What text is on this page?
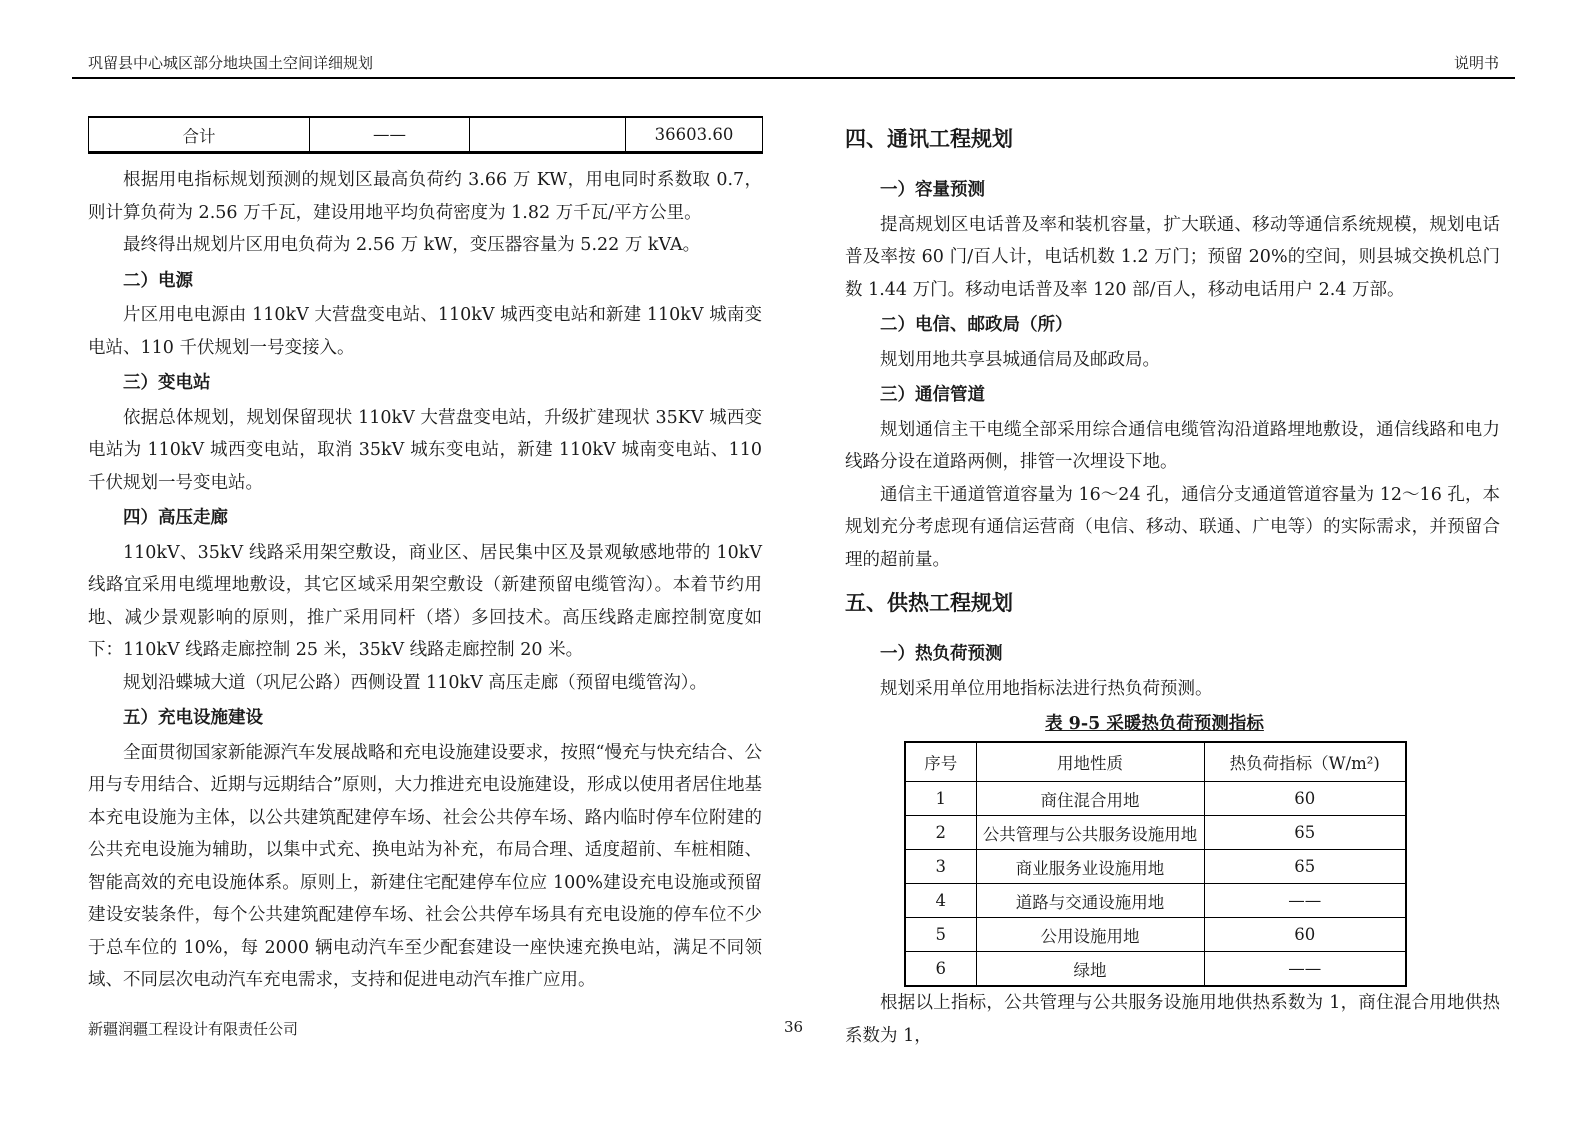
巩留县中心城区部分地块国土空间详细规划	说明书
合计	——		36603.60

根据用电指标规划预测的规划区最高负荷约 3.66 万 KW，用电同时系数取 0.7，则计算负荷为 2.56 万千瓦，建设用地平均负荷密度为 1.82 万千瓦/平方公里。

最终得出规划片区用电负荷为 2.56 万 kW，变压器容量为 5.22 万 kVA。

二）电源

片区用电电源由 110kV 大营盘变电站、110kV 城西变电站和新建 110kV 城南变电站、110 千伏规划一号变接入。

三）变电站

依据总体规划，规划保留现状 110kV 大营盘变电站，升级扩建现状 35KV 城西变电站为 110kV 城西变电站，取消 35kV 城东变电站，新建 110kV 城南变电站、110 千伏规划一号变电站。

四）高压走廊

110kV、35kV 线路采用架空敷设，商业区、居民集中区及景观敏感地带的 10kV 线路宜采用电缆埋地敷设，其它区域采用架空敷设（新建预留电缆管沟）。本着节约用地、减少景观影响的原则，推广采用同杆（塔）多回技术。高压线路走廊控制宽度如下：110kV 线路走廊控制 25 米，35kV 线路走廊控制 20 米。

规划沿蝶城大道（巩尼公路）西侧设置 110kV 高压走廊（预留电缆管沟）。

五）充电设施建设

全面贯彻国家新能源汽车发展战略和充电设施建设要求，按照“慢充与快充结合、公用与专用结合、近期与远期结合”原则，大力推进充电设施建设，形成以使用者居住地基本充电设施为主体，以公共建筑配建停车场、社会公共停车场、路内临时停车位附建的公共充电设施为辅助，以集中式充、换电站为补充，布局合理、适度超前、车桩相随、智能高效的充电设施体系。原则上，新建住宅配建停车位应 100%建设充电设施或预留建设安装条件，每个公共建筑配建停车场、社会公共停车场具有充电设施的停车位不少于总车位的 10%，每 2000 辆电动汽车至少配套建设一座快速充换电站，满足不同领域、不同层次电动汽车充电需求，支持和促进电动汽车推广应用。

四、通讯工程规划
一）容量预测

提高规划区电话普及率和装机容量，扩大联通、移动等通信系统规模，规划电话普及率按 60 门/百人计，电话机数 1.2 万门；预留 20%的空间，则县城交换机总门数 1.44 万门。移动电话普及率 120 部/百人，移动电话用户 2.4 万部。

二）电信、邮政局（所）

规划用地共享县城通信局及邮政局。

三）通信管道

规划通信主干电缆全部采用综合通信电缆管沟沿道路埋地敷设，通信线路和电力线路分设在道路两侧，排管一次埋设下地。

通信主干通道管道容量为 16～24 孔，通信分支通道管道容量为 12～16 孔，本规划充分考虑现有通信运营商（电信、移动、联通、广电等）的实际需求，并预留合理的超前量。

五、供热工程规划
一）热负荷预测

规划采用单位用地指标法进行热负荷预测。

表 9-5 采暖热负荷预测指标
序号	用地性质	热负荷指标（W/m²)
1	商住混合用地	60
2	公共管理与公共服务设施用地	65
3	商业服务业设施用地	65
4	道路与交通设施用地	——
5	公用设施用地	60
6	绿地	——

根据以上指标，公共管理与公共服务设施用地供热系数为 1，商住混合用地供热系数为 1，

36
新疆润疆工程设计有限责任公司
